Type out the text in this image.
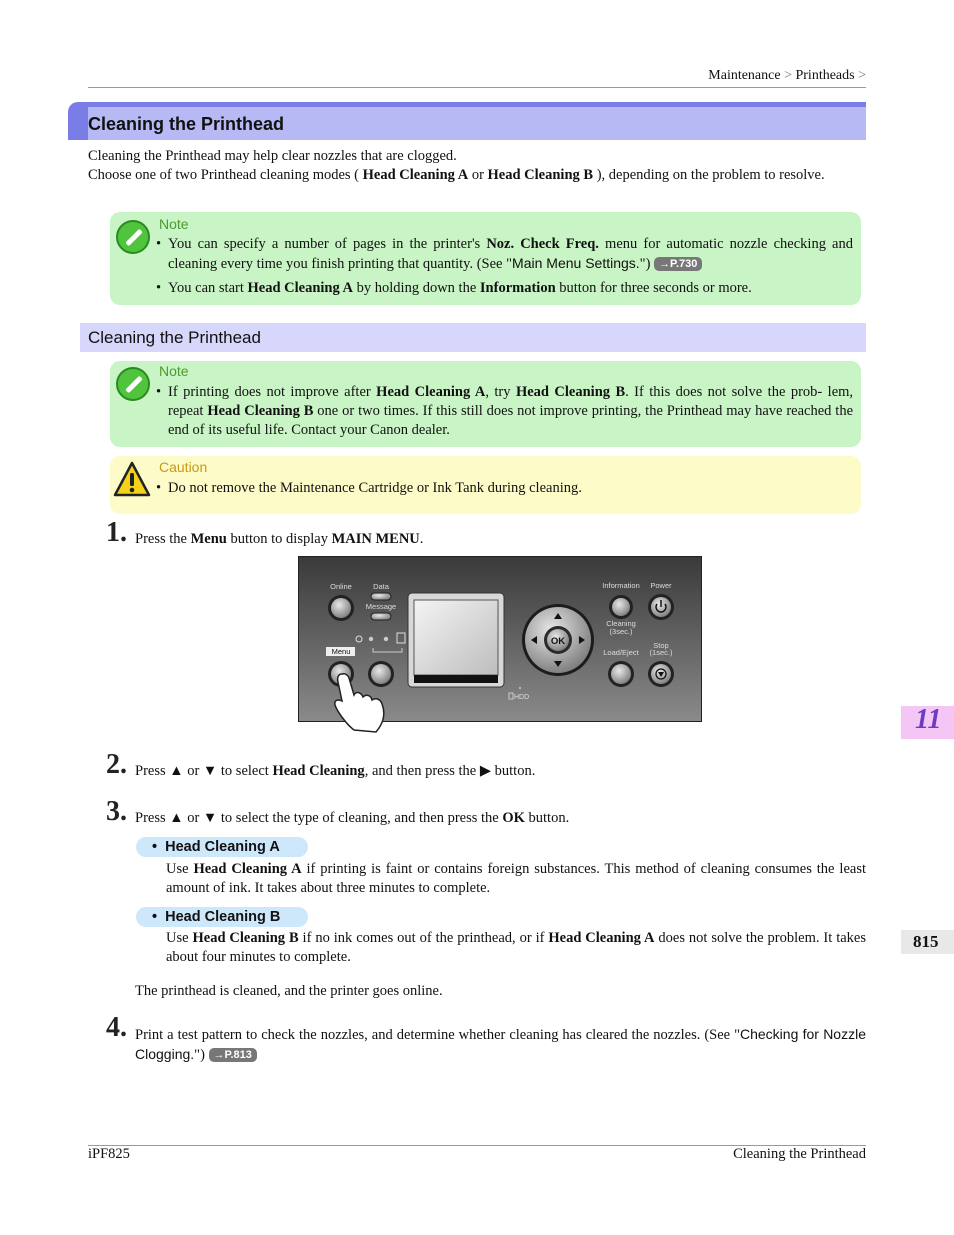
Maintenance > Printheads >
Cleaning the Printhead
Cleaning the Printhead may help clear nozzles that are clogged.
Choose one of two Printhead cleaning modes ( Head Cleaning A or Head Cleaning B ), depending on the problem to resolve.
Note
• You can specify a number of pages in the printer's Noz. Check Freq. menu for automatic nozzle checking and cleaning every time you finish printing that quantity. (See "Main Menu Settings.") →P.730
• You can start Head Cleaning A by holding down the Information button for three seconds or more.
Cleaning the Printhead
Note
• If printing does not improve after Head Cleaning A, try Head Cleaning B. If this does not solve the prob- lem, repeat Head Cleaning B one or two times. If this still does not improve printing, the Printhead may have reached the end of its useful life. Contact your Canon dealer.
Caution
• Do not remove the Maintenance Cartridge or Ink Tank during cleaning.
1. Press the Menu button to display MAIN MENU.
Online	Data
Message
Menu
OK
HDD
Information Power
Cleaning
(3sec.)
Load/Eject
Stop
(1sec.)
2. Press ▲ or ▼ to select Head Cleaning, and then press the ▶ button.
3. Press ▲ or ▼ to select the type of cleaning, and then press the OK button.
•  Head Cleaning A
Use Head Cleaning A if printing is faint or contains foreign substances. This method of cleaning consumes the least amount of ink. It takes about three minutes to complete.
•  Head Cleaning B
Use Head Cleaning B if no ink comes out of the printhead, or if Head Cleaning A does not solve the problem. It takes about four minutes to complete.
The printhead is cleaned, and the printer goes online.
4. Print a test pattern to check the nozzles, and determine whether cleaning has cleared the nozzles. (See "Checking for Nozzle Clogging.") →P.813
11
815
iPF825	Cleaning the Printhead
